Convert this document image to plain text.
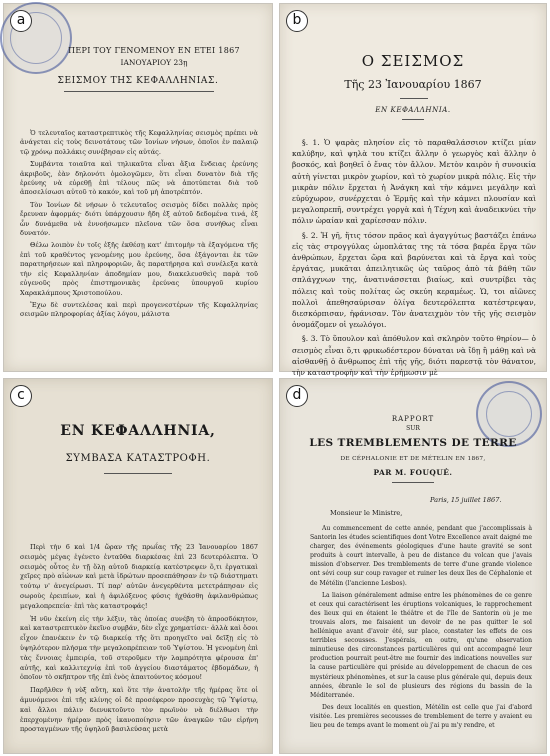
a
ΠΕΡΙ ΤΟΥ ΓΕΝΟΜΕΝΟΥ ΕΝ ΕΤΕΙ 1867
ΙΑΝΟΥΑΡΙΟΥ 23ῃ
ΣΕΙΣΜΟΥ ΤΗΣ ΚΕΦΑΛΛΗΝΙΑΣ.

Ὁ τελευταῖος καταστρεπτικὸς τῆς Κεφαλληνίας σεισμὸς πρέπει νὰ ἀνάγεται εἰς τοὺς δεινοτάτους τῶν Ἰονίων νήσων, ὁποῖοι ἐν παλαιῷ τῷ χρόνῳ πολλάκις συνέβησαν εἰς αὐτάς.

Συμβάντα τοιαῦτα καὶ τηλικαῦτα εἶναι ἄξια ἔνδειας ἐρεύνης ἀκριβοῦς, ἐὰν δηλονότι ὁμολογῶμεν, ὅτι εἶναι δυνατὸν διὰ τῆς ἐρεύνης νὰ εὑρεθῇ ἐπὶ τέλους πῶς νὰ ἀποτύπεται διὰ τοῦ ἀποσελίσωσι αὐτοῦ τὸ κακόν, καὶ τοῦ μὴ ἀποτρέπτόν.

Τὸν Ἰονίων δὲ νήσων ὁ τελευταῖος σεισμὸς δίδει πολλὰς πρὸς ἔρευναν ἀφορμάς· διότι ὑπάρχουσιν ἤδη ἐξ αὐτοῦ δεδομένα τινά, ἐξ ὧν δυνάμεθα νὰ ἐννοήσωμεν πλεῖονα τῶν ὅσα συνήθως εἶναι δυνατόν.

Θέλω λοιπὸν ἐν τοῖς ἑξῆς ἐκθέσῃ κατ' ἐπιτομὴν τὰ ἐξαγόμενα τῆς ἐπὶ τοῦ κραθέντος γενομένης μου ἐρεύνης, ὅσα ἐξάγονται ἐκ τῶν παρατηρήσεων καὶ πληροφοριῶν, ἃς παρατήρησα καὶ συνέλεξα κατὰ τὴν εἰς Κεφαλληνίαν ἀποδημίαν μου, διακελευσθεὶς παρὰ τοῦ εὐγενοῦς πρὸς ἐπιστημονικὰς ἐρεύνας ὑπουργοῦ κυρίου Χαρακλάμπους Χριστοπούλου.

Ἔχω δὲ συντελέσας καὶ περὶ προγενεστέρων τῆς Κεφαλληνίας σεισμῶν πληροφορίας ἀξίας λόγου, μάλιστα

b
Ο ΣΕΙΣΜΟΣ
Τῆς 23 Ἰανουαρίου 1867
ΕΝ ΚΕΦΑΛΛΗΝΙΑ.

§. 1. Ὁ ψαρὰς πλησίον εἰς τὸ παραθαλάσσιον κτίζει μίαν καλύβην, καὶ ψηλὰ του κτίζει ἄλλην ὁ γεωργὸς καὶ ἄλλην ὁ βοσκός, καὶ βοηθεῖ ὁ ἕνας τὸν ἄλλον. Μετὸν καιρὸν ἡ συνοικία αὐτὴ γίνεται μικρὸν χωρίον, καὶ τὸ χωρίον μικρὰ πόλις. Εἰς τὴν μικρὰν πόλιν ἔρχεται ἡ Ἀνάγκη καὶ τὴν κάμνει μεγάλην καὶ εὐρύχωρον, συνέρχεται ὁ Ἑρμῆς καὶ τὴν κάμνει πλουσίαν καὶ μεγαλοπρεπῆ, συντρέχει γοργὰ καὶ ἡ Τέχνη καὶ ἀναδεικνύει τὴν πόλιν ὡραίαν καὶ χαρίεσσαν πόλιν.

§. 2. Ἡ γῆ, ἥτις τόσον πρᾶος καὶ ἀγαγγύτως βαστάζει ἐπάνω εἰς τὰς στρογγύλας ὠμοπλάτας της τὰ τόσα βαρέα ἔργα τῶν ἀνθρώπων, ἔρχεται ὥρα καὶ βαρύνεται καὶ τὰ ἔργα καὶ τοὺς ἐργάτας, μυκᾶται ἀπειλητικῶς ὡς ταῦρος ἀπὸ τὰ βάθη τῶν σπλάγχνων της, ἀνατινάσσεται βιαίως, καὶ συντρίβει τὰς πόλεις καὶ τοὺς πολίτας ὡς σκεύη κεραμέως. Ὡ, τοι αἰῶνες πολλοὶ ἀπεθησαύρισαν ὀλίγα δευτερόλεπτα κατέστρεψαν, διεσκόρπισαν, ἠφάνισαν. Τὸν ἀνατειχμὸν τὸν τῆς γῆς σεισμὸν ὀνομάζομεν οἱ γεωλόγοι.

§. 3. Τὸ ὕπουλον καὶ ἀπόθυλον καὶ σκληρὸν τοῦτο θηρίον— ὁ σεισμὸς εἶναι ὅ,τι φρικωδέστερον δύναται νὰ ἴδῃ ἢ μάθῃ καὶ νὰ αἰσθανθῇ ὁ ἄνθρωπος ἐπὶ τῆς γῆς, διότι παρεστᾷ τὸν θάνατον, τὴν καταστροφὴν καὶ τὴν ἐρήμωσιν μὲ

c
ΕΝ ΚΕΦΑΛΛΗΝΙΑ,
ΣΥΜΒΑΣΑ ΚΑΤΑΣΤΡΟΦΗ.

Περὶ τὴν 6 καὶ 1/4 ὥραν τῆς πρωΐας τῆς 23 Ἰανουαρίου 1867 σεισμὸς μέγας ἐγένετο ἐνταῦθα διαρκέσας ἐπὶ 23 δευτερόλεπτα. Ὁ σεισμὸς οὗτος ἐν τῇ ὅλῃ αὐτοῦ διαρκείᾳ κατέστρεψεν ὅ,τι ἐργατικαὶ χεῖρες πρὸ αἰώνων καὶ μετὰ ἱδρώτων προσεπάθησαν ἐν τῷ διάστηματι τούτῳ ν' ἀνεγείρωσι. Τί παρ' αὐτῶν ἀνεγερθέντα μετετράπησαν εἰς σωροὺς ἐρειπίων, καὶ ἡ ἀφιλόξενος φύσις ἠχθάσθη ἀφιλανθρώπως μεγαλοπρεπεία· ἐπὶ τὰς καταστροφάς!

Ἡ νῦν ἐκείνη εἰς τὴν λέξιν, τὰς ὁποίας συνέβη τὸ ἀπροσδόκητον, καὶ καταστρεπτικὸν ἐκεῖνο συμβάν, δὲν εἶχε χρηματίσει· ἀλλὰ καὶ ὅσοι εἶχον ἐπανέκειν ἐν τῷ διαρκείᾳ τῆς ὅτι προηγεῖτο ναὶ δεῖξῃ εἰς τὸ ὑψηλότερον πλήσμα τὴν μεγαλοπρέπειαν τοῦ Ὑψίστου. Ἡ γενομένη ἐπὶ τὰς ἔννοιας ἐμπειρία, τοῦ στεροῦμεν τὴν λαμπρότητα φέρουσα ἐπ' αὐτῆς, καὶ καλλιτεχνίᾳ ἐπὶ τοῦ ἀγγείου διαστάματος ἐβδομάδων, ἡ ὁποῖον τὸ σκῆπτρον τῆς ἐπὶ ἑνὸς ἀπαιτούντος κόσμου!

Παρῆλθεν ἡ νὺξ αὕτη, καὶ ὅτε τὴν ἀνατολὴν τῆς ἡμέρας ὅτε οἱ ἀμυνόμενοι ἐπὶ τῆς κλίνης οἱ δὲ προσέφερον προσευχὰς τῷ Ὑψίστῳ, καὶ ἄλλοι πάλιν διενυκτοῦντο τὸν πρωϊνὸν νὰ διέλθωσι τὴν ἐπερχομένην ἡμέραν πρὸς ἱκανοποίησιν τῶν ἀναγκῶν τῶν εἰρήνη προσταγμένων τῆς ὑψηλοῦ βασιλεύσας μετὰ

d
RAPPORT
SUR
LES TREMBLEMENTS DE TERRE
DE CÉPHALONIE ET DE MÉTELIN EN 1867,
PAR M. FOUQUÉ.
Paris, 15 juillet 1867.
Monsieur le Ministre,

Au commencement de cette année, pendant que j'accomplissais à Santorin les études scientifiques dont Votre Excellence avait daigné me charger, des événements géologiques d'une haute gravité se sont produits à court intervalle, à peu de distance du volcan que j'avais mission d'observer. Des tremblements de terre d'une grande violence ont sévi coup sur coup ravager et ruiner les deux îles de Céphalonie et de Métélin (l'ancienne Lesbos).

La liaison généralement admise entre les phénomènes de ce genre et ceux qui caractérisent les éruptions volcaniques, le rapprochement des lieux qui en étaient le théâtre et de l'île de Santorin où je me trouvais alors, me faisaient un devoir de ne pas quitter le sol hellénique avant d'avoir été, sur place, constater les effets de ces terribles secousses. J'espérais, en outre, qu'une observation minutieuse des circonstances particulières qui ont accompagné leur production pourrait peut-être me fournir des indications nouvelles sur la cause particulière qui préside au développement de chacun de ces mystérieux phénomènes, et sur la cause plus générale qui, depuis deux années, ébranle le sol de plusieurs des régions du bassin de la Méditerranée.

Des deux localités en question, Métélin est celle que j'ai d'abord visitée. Les premières secousses de tremblement de terre y avaient eu lieu peu de temps avant le moment où j'ai pu m'y rendre, et
